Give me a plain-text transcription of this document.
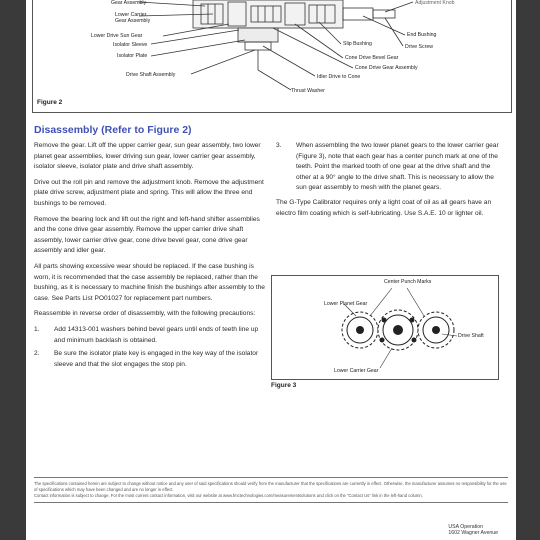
Gear Assembly
Lower Carrier
Gear Assembly
Lower Drive Sun Gear
Isolator Sleeve
Isolator Plate
Drive Shaft Assembly
Adjustment Knob
End Bushing
Drive Screw
Slip Bushing
Cone Drive Bevel Gear
Cone Drive Gear Assembly
Idler Drive to Cone
Thrust Washer
Figure 2
Disassembly (Refer to Figure 2)

Remove the gear. Lift off the upper carrier gear, sun gear assembly, two lower planet gear assemblies, lower driving sun gear, lower carrier gear assembly, isolator sleeve, isolator plate and drive shaft assembly.

Drive out the roll pin and remove the adjustment knob. Remove the adjustment plate drive screw, adjustment plate and spring. This will allow the three end bushings to be removed.

Remove the bearing lock and lift out the right and left-hand shifter assemblies and the cone drive gear assembly. Remove the upper carrier drive shaft assembly, lower carrier drive gear, cone drive bevel gear, cone drive gear assembly and idler gear.

All parts showing excessive wear should be replaced. If the case bushing is worn, it is recommended that the case assembly be replaced, rather than the bushing, as it is necessary to machine finish the bushings after assembly to the case. See Parts List PO01027 for replacement part numbers.

Reassemble in reverse order of disassembly, with the following precautions:

1. Add 14313-001 washers behind bevel gears until ends of teeth line up and minimum backlash is obtained.
2. Be sure the isolator plate key is engaged in the key way of the isolator sleeve and that the slot engages the stop pin.
3. When assembling the two lower planet gears to the lower carrier gear (Figure 3), note that each gear has a center punch mark at one of the teeth. Point the marked tooth of one gear at the drive shaft and the other at a 90° angle to the drive shaft. This is necessary to allow the sun gear assembly to mesh with the planet gears.

The G-Type Calibrator requires only a light coat of oil as all gears have an electro film coating which is self-lubricating. Use S.A.E. 10 or lighter oil.

Center Punch Marks
Lower Planet Gear
Drive Shaft
Lower Carrier Gear
Figure 3
The specifications contained herein are subject to change without notice and any user of said specifications should verify from the manufacturer that the specifications are currently in effect. Otherwise, the manufacturer assumes no responsibility for the use of specifications which may have been changed and are no longer in effect.
Contact information is subject to change. For the most current contact information, visit our website at www.fmctechnologies.com/measurementsolutions and click on the "Contact Us" link in the left-hand column.
USA Operation
1602 Wagner Avenue
